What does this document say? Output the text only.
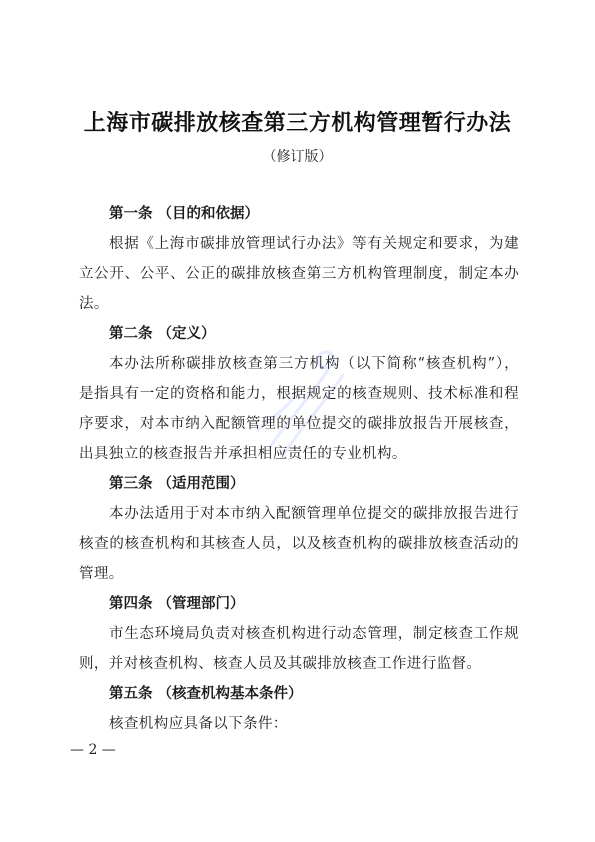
上海市碳排放核查第三方机构管理暂行办法

（修订版）

第一条 （目的和依据）

根据《上海市碳排放管理试行办法》等有关规定和要求，为建立公开、公平、公正的碳排放核查第三方机构管理制度，制定本办法。

第二条 （定义）

本办法所称碳排放核查第三方机构（以下简称“核查机构”），是指具有一定的资格和能力，根据规定的核查规则、技术标准和程序要求，对本市纳入配额管理的单位提交的碳排放报告开展核查，出具独立的核查报告并承担相应责任的专业机构。

第三条 （适用范围）

本办法适用于对本市纳入配额管理单位提交的碳排放报告进行核查的核查机构和其核查人员，以及核查机构的碳排放核查活动的管理。

第四条 （管理部门）

市生态环境局负责对核查机构进行动态管理，制定核查工作规则，并对核查机构、核查人员及其碳排放核查工作进行监督。

第五条 （核查机构基本条件）

核查机构应具备以下条件：

— 2 —
